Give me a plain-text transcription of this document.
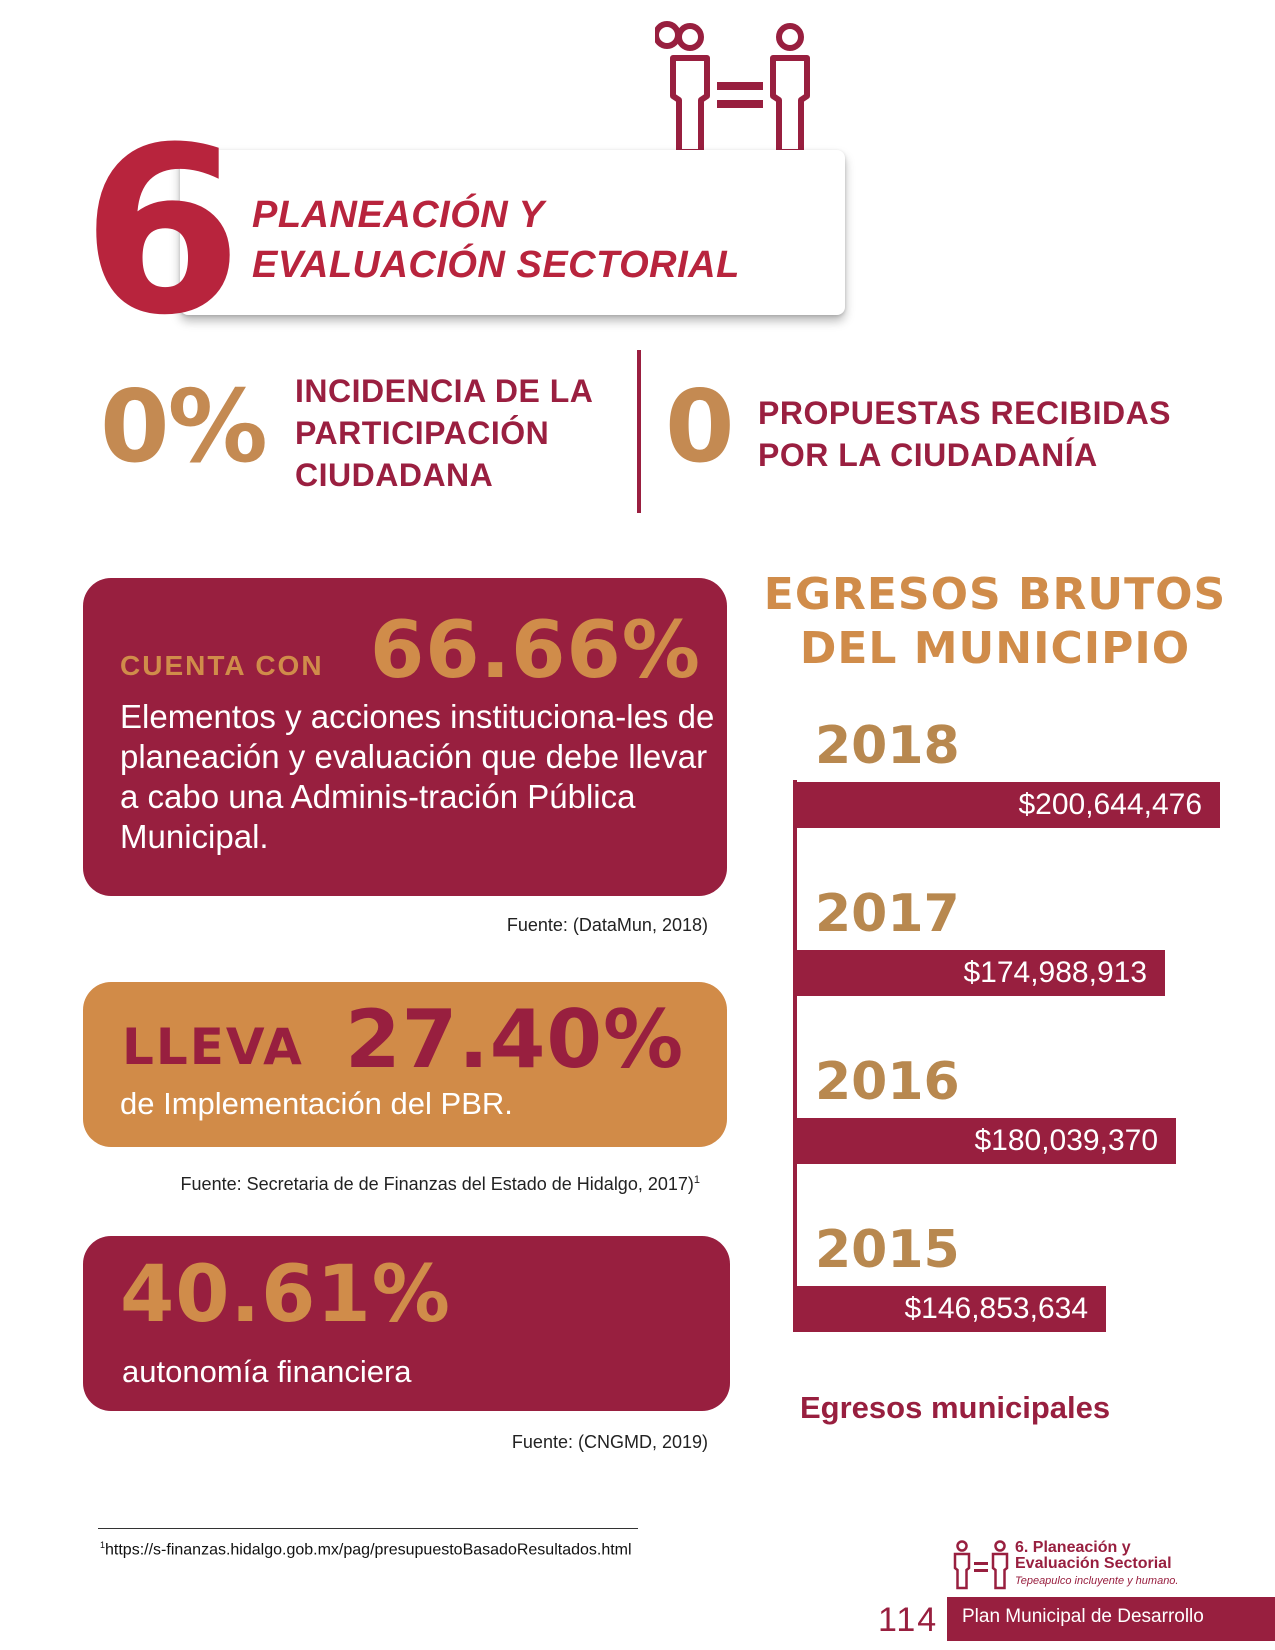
6 PLANEACIÓN Y
EVALUACIÓN SECTORIAL
0% INCIDENCIA DE LA PARTICIPACIÓN CIUDADANA	0 PROPUESTAS RECIBIDAS POR LA CIUDADANÍA
CUENTA CON 66.66%
Elementos y acciones instituciona-les de planeación y evaluación que debe llevar a cabo una Adminis-tración Pública Municipal.
Fuente: (DataMun, 2018)
LLEVA 27.40%
de Implementación del PBR.
Fuente: Secretaria de de Finanzas del Estado de Hidalgo, 2017)$^1$
40.61%
autonomía financiera
Fuente: (CNGMD, 2019)
EGRESOS BRUTOS DEL MUNICIPIO
2018
$200,644,476
2017
$174,988,913
2016
$180,039,370
2015
$146,853,634
Egresos municipales
$^1$https://s-finanzas.hidalgo.gob.mx/pag/presupuestoBasadoResultados.html	6. Planeación y
Evaluación Sectorial
Tepeapulco incluyente y humano.
114 Plan Municipal de Desarrollo
